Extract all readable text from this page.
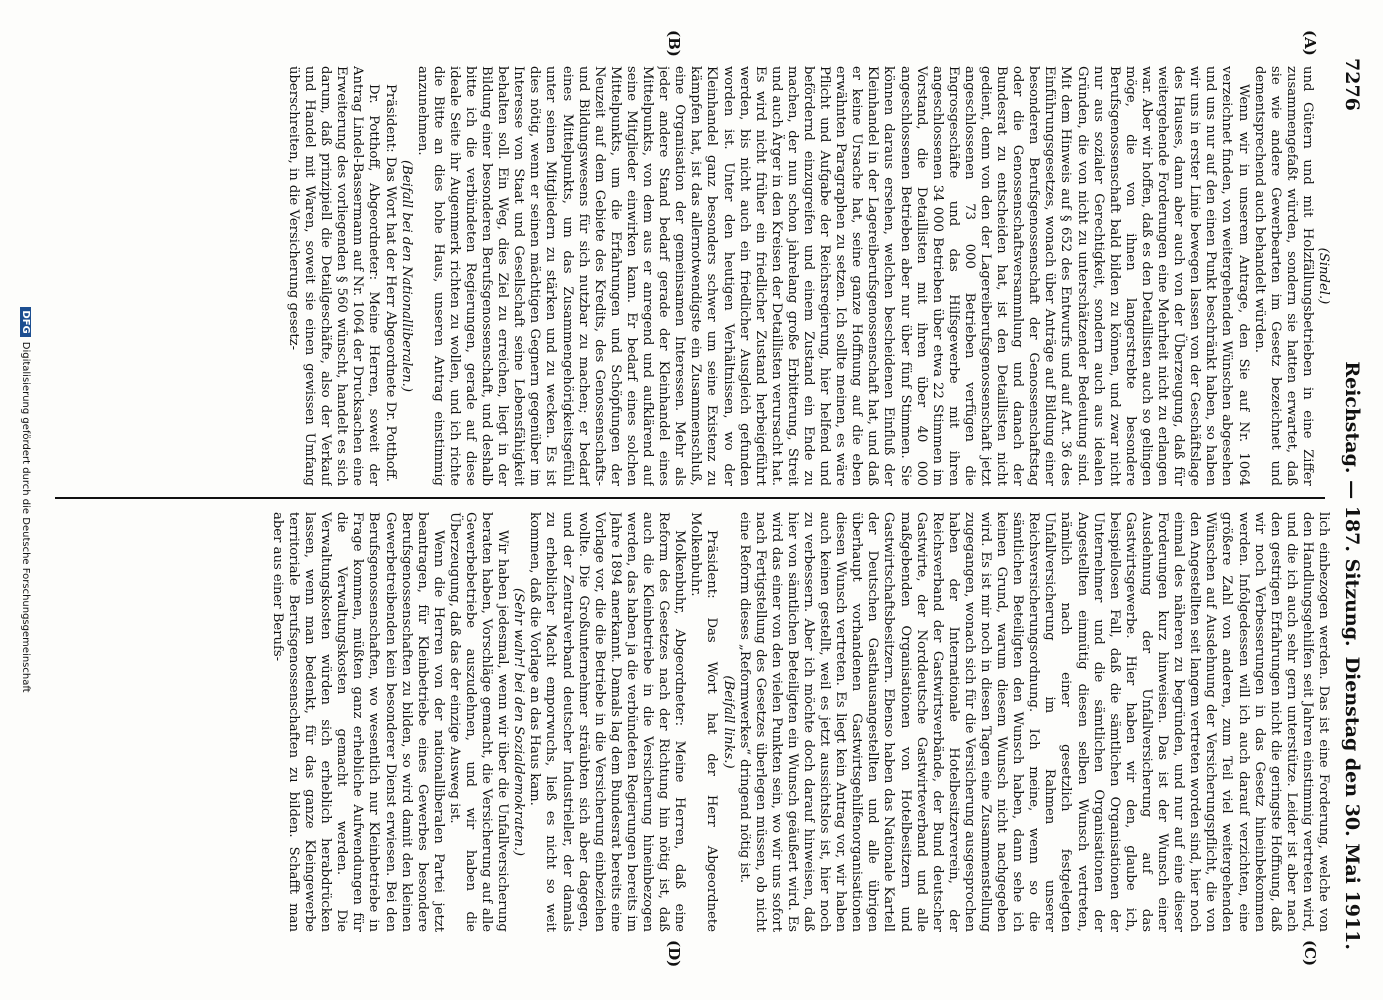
7276
Reichstag. — 187. Sitzung.
Dienstag den 30. Mai 1911.
(A)
(B)
(C)
(D)

(Sindel.)

und Gütern und mit Holzfällungsbetrieben in eine Ziffer zusammengefaßt würden, sondern sie hatten erwartet, daß sie wie andere Gewerbearten im Gesetz bezeichnet und dementsprechend auch behandelt würden.

Wenn wir in unserem Antrage, den Sie auf Nr. 1064 verzeichnet finden, von weitergehenden Wünschen abgesehen und uns nur auf den einen Punkt beschränkt haben, so haben wir uns in erster Linie bewegen lassen von der Geschäftslage des Hauses, dann aber auch von der Überzeugung, daß für weitergehende Forderungen eine Mehrheit nicht zu erlangen war. Aber wir hoffen, daß es den Detaillisten auch so gelingen möge, die von ihnen langerstrebte besondere Berufsgenossenschaft bald bilden zu können, und zwar nicht nur aus sozialer Gerechtigkeit, sondern auch aus idealen Gründen, die von nicht zu unterschätzender Bedeutung sind. Mit dem Hinweis auf § 652 des Entwurfs und auf Art. 36 des Einführungsgesetzes, wonach über Anträge auf Bildung einer besonderen Berufsgenossenschaft der Genossenschaftstag oder die Genossenschaftsversammlung und danach der Bundesrat zu entscheiden hat, ist den Detaillisten nicht gedient, denn von den der Lagereiberufsgenossenschaft jetzt angeschlossenen 73 000 Betrieben verfügen die Engrosgeschäfte und das Hilfsgewerbe mit ihren angeschlossenen 34 000 Betrieben über etwa 22 Stimmen im Vorstand, die Detaillisten mit ihren über 40 000 angeschlossenen Betrieben aber nur über fünf Stimmen. Sie können daraus ersehen, welchen bescheidenen Einfluß der Kleinhandel in der Lagereiberufsgenossenschaft hat, und daß er keine Ursache hat, seine ganze Hoffnung auf die eben erwähnten Paragraphen zu setzen. Ich sollte meinen, es wäre Pflicht und Aufgabe der Reichsregierung, hier helfend und befördernd einzugreifen und einem Zustand ein Ende zu machen, der nun schon jahrelang große Erbitterung, Streit und auch Ärger in den Kreisen der Detaillisten verursacht hat. Es wird nicht früher ein friedlicher Zustand herbeigeführt werden, bis nicht auch ein friedlicher Ausgleich gefunden worden ist. Unter den heutigen Verhältnissen, wo der Kleinhandel ganz besonders schwer um seine Existenz zu kämpfen hat, ist das allernotwendigste ein Zusammenschluß, eine Organisation der gemeinsamen Interessen. Mehr als jeder andere Stand bedarf gerade der Kleinhandel eines Mittelpunkts, von dem aus er anregend und aufklärend auf seine Mitglieder einwirken kann. Er bedarf eines solchen Mittelpunkts, um die Erfahrungen und Schöpfungen der Neuzeit auf dem Gebiete des Kredits, des Genossenschafts- und Bildungswesens für sich nutzbar zu machen; er bedarf eines Mittelpunkts, um das Zusammengehörigkeitsgefühl unter seinen Mitgliedern zu stärken und zu wecken. Es ist dies nötig, wenn er seinen mächtigen Gegnern gegenüber im Interesse von Staat und Gesellschaft seine Lebensfähigkeit behalten soll. Ein Weg, dies Ziel zu erreichen, liegt in der Bildung einer besonderen Berufsgenossenschaft, und deshalb bitte ich die verbündeten Regierungen, gerade auf diese ideale Seite ihr Augenmerk richten zu wollen, und ich richte die Bitte an dies hohe Haus, unseren Antrag einstimmig anzunehmen.

(Beifall bei den Nationalliberalen.)

Präsident: Das Wort hat der Herr Abgeordnete Dr. Potthoff.

Dr. Potthoff, Abgeordneter: Meine Herren, soweit der Antrag Lindel-Bassermann auf Nr. 1064 der Drucksachen eine Erweiterung des vorliegenden § 560 wünscht, handelt es sich darum, daß prinzipiell die Detailgeschäfte, also der Verkauf und Handel mit Waren, soweit sie einen gewissen Umfang überschreiten, in die Versicherung gesetz-

lich einbezogen werden. Das ist eine Forderung, welche von den Handlungsgehilfen seit Jahren einstimmig vertreten wird, und die ich auch sehr gern unterstütze. Leider ist aber nach den gestrigen Erfahrungen nicht die geringste Hoffnung, daß wir noch Verbesserungen in das Gesetz hineinbekommen werden. Infolgedessen will ich auch darauf verzichten, eine größere Zahl von anderen, zum Teil viel weitergehenden Wünschen auf Ausdehnung der Versicherungspflicht, die von den Angestellten seit langem vertreten worden sind, hier noch einmal des näheren zu begründen, und nur auf eine dieser Forderungen kurz hinweisen. Das ist der Wunsch einer Ausdehnung der Unfallversicherung auf das Gastwirtsgewerbe. Hier haben wir den, glaube ich, beispiellosen Fall, daß die sämtlichen Organisationen der Unternehmer und die sämtlichen Organisationen der Angestellten einmütig diesen selben Wunsch vertreten, nämlich nach einer gesetzlich festgelegten Unfallversicherung im Rahmen unserer Reichsversicherungsordnung. Ich meine, wenn so die sämtlichen Beteiligten den Wunsch haben, dann sehe ich keinen Grund, warum diesem Wunsch nicht nachgegeben wird. Es ist mir noch in diesen Tagen eine Zusammenstellung zugegangen, wonach sich für die Versicherung ausgesprochen haben der Internationale Hotelbesitzerverein, der Reichsverband der Gastwirtsverbände, der Bund deutscher Gastwirte, der Norddeutsche Gastwirteverband und alle maßgebenden Organisationen von Hotelbesitzern und Gastwirtschaftsbesitzern. Ebenso haben das Nationale Kartell der Deutschen Gasthausangestellten und alle übrigen überhaupt vorhandenen Gastwirtsgehilfenorganisationen diesen Wunsch vertreten. Es liegt kein Antrag vor, wir haben auch keinen gestellt, weil es jetzt aussichtslos ist, hier noch zu verbessern. Aber ich möchte doch darauf hinweisen, daß hier von sämtlichen Beteiligten ein Wunsch geäußert wird. Es wird das einer von den vielen Punkten sein, wo wir uns sofort nach Fertigstellung des Gesetzes überlegen müssen, ob nicht eine Reform dieses „Reformwerkes“ dringend nötig ist.

(Beifall links.)

Präsident: Das Wort hat der Herr Abgeordnete Molkenbuhr.

Molkenbuhr, Abgeordneter: Meine Herren, daß eine Reform des Gesetzes nach der Richtung hin nötig ist, daß auch die Kleinbetriebe in die Versicherung hineinbezogen werden, das haben ja die verbündeten Regierungen bereits im Jahre 1894 anerkannt. Damals lag dem Bundesrat bereits eine Vorlage vor, die die Betriebe in die Versicherung einbeziehen wollte. Die Großunternehmer sträubten sich aber dagegen, und der Zentralverband deutscher Industrieller, der damals zu erheblicher Macht emporwuchs, ließ es nicht so weit kommen, daß die Vorlage an das Haus kam.

(Sehr wahr! bei den Sozialdemokraten.)

Wir haben jedesmal, wenn wir über die Unfallversicherung beraten haben, Vorschläge gemacht, die Versicherung auf alle Gewerbebetriebe auszudehnen, und wir haben die Überzeugung, daß das der einzige Ausweg ist.

Wenn die Herren von der nationalliberalen Partei jetzt beantragen, für Kleinbetriebe eines Gewerbes besondere Berufsgenossenschaften zu bilden, so wird damit den kleinen Gewerbetreibenden kein besonderer Dienst erwiesen. Bei den Berufsgenossenschaften, wo wesentlich nur Kleinbetriebe in Frage kommen, müßten ganz erhebliche Aufwendungen für die Verwaltungskosten gemacht werden. Die Verwaltungskosten würden sich erheblich herabdrücken lassen, wenn man bedenkt, für das ganze Kleingewerbe territoriale Berufsgenossenschaften zu bilden. Schafft man aber aus einer Berufs-

DFGDigitalisierung gefördert durch die Deutsche Forschungsgemeinschaft
